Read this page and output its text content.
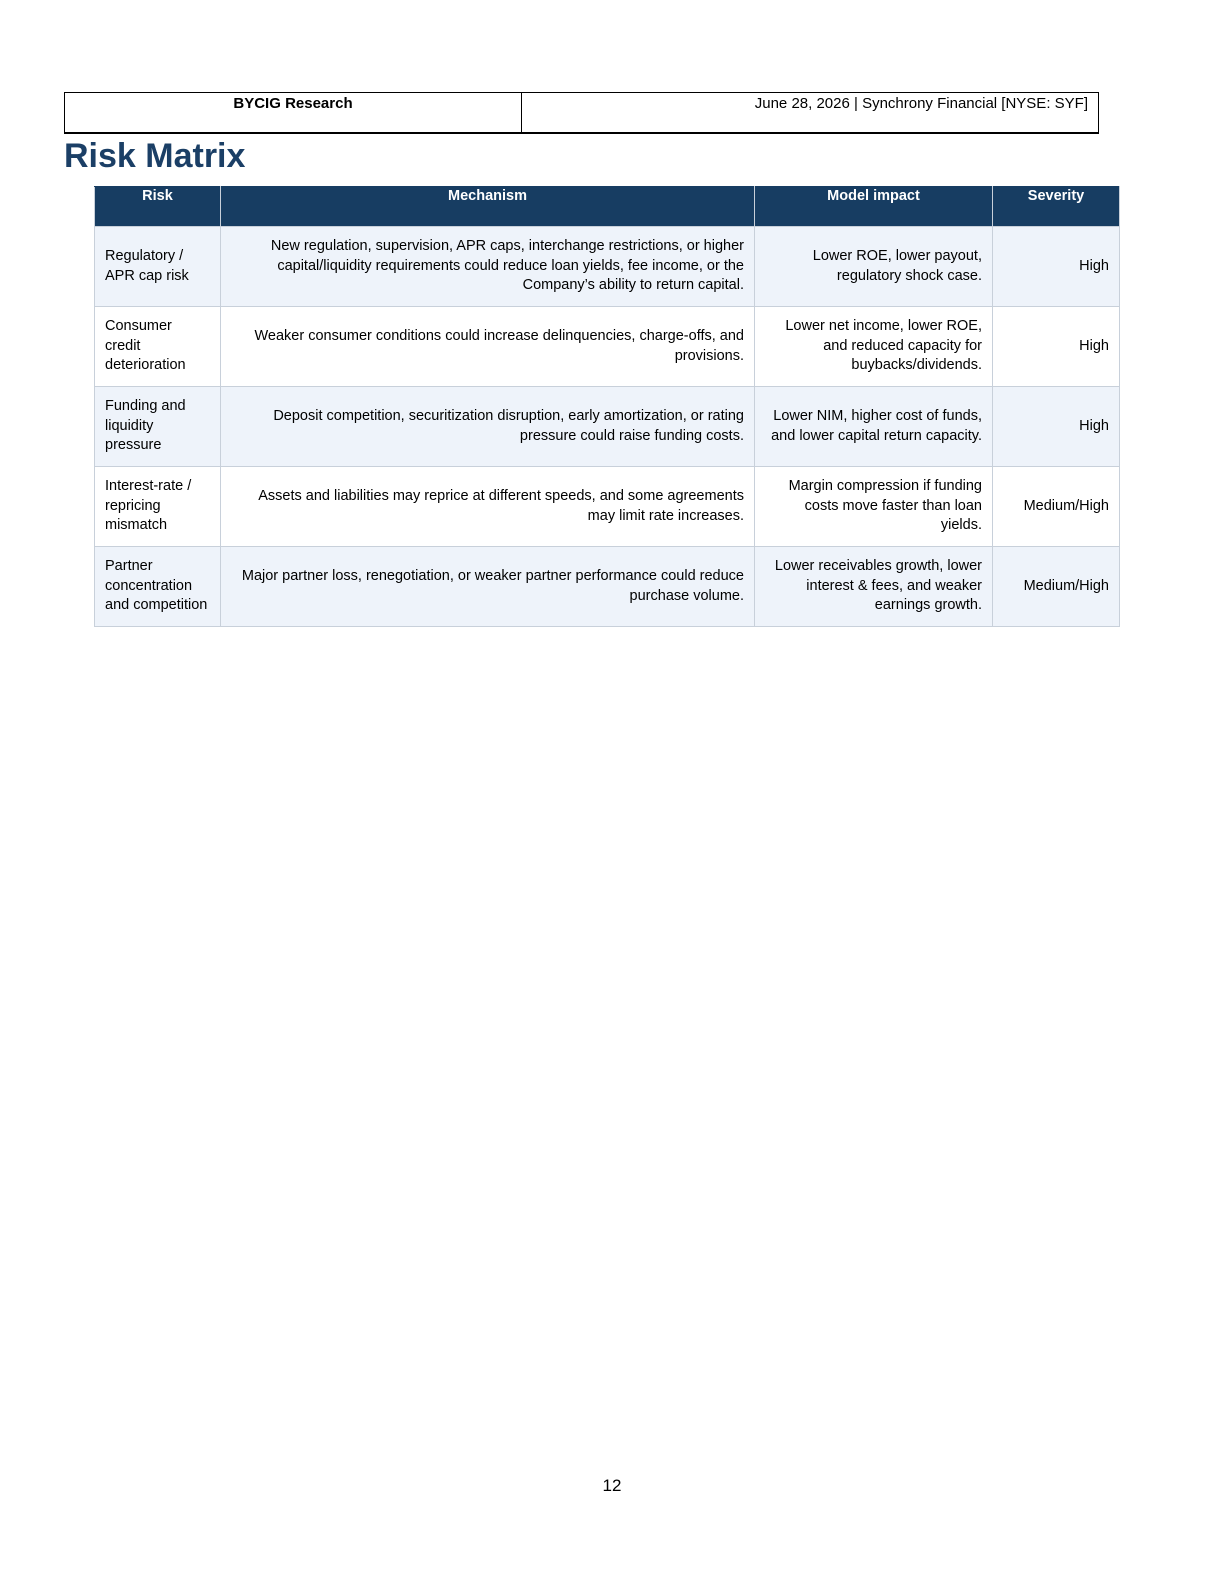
BYCIG Research	June 28, 2026 | Synchrony Financial [NYSE: SYF]
Risk Matrix
Risk	Mechanism	Model impact	Severity
Regulatory / APR cap risk	New regulation, supervision, APR caps, interchange restrictions, or higher capital/liquidity requirements could reduce loan yields, fee income, or the Company’s ability to return capital.	Lower ROE, lower payout, regulatory shock case.	High
Consumer credit deterioration	Weaker consumer conditions could increase delinquencies, charge-offs, and provisions.	Lower net income, lower ROE, and reduced capacity for buybacks/dividends.	High
Funding and liquidity pressure	Deposit competition, securitization disruption, early amortization, or rating pressure could raise funding costs.	Lower NIM, higher cost of funds, and lower capital return capacity.	High
Interest-rate / repricing mismatch	Assets and liabilities may reprice at different speeds, and some agreements may limit rate increases.	Margin compression if funding costs move faster than loan yields.	Medium/High
Partner concentration and competition	Major partner loss, renegotiation, or weaker partner performance could reduce purchase volume.	Lower receivables growth, lower interest & fees, and weaker earnings growth.	Medium/High
12
